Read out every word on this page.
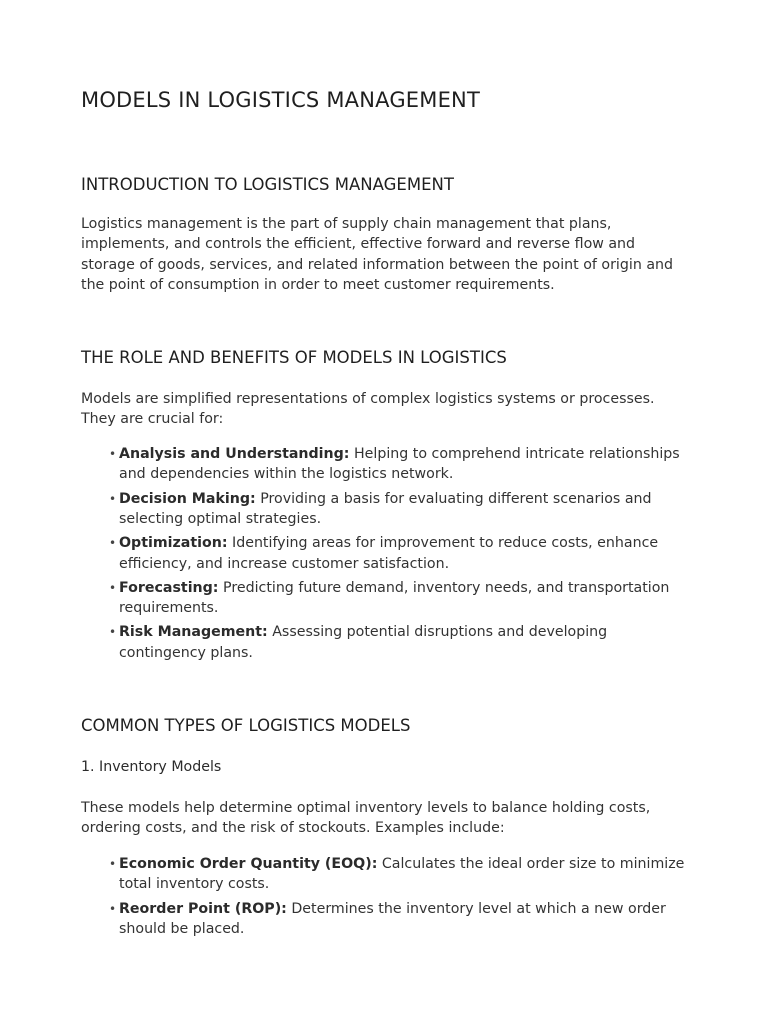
MODELS IN LOGISTICS MANAGEMENT
INTRODUCTION TO LOGISTICS MANAGEMENT

Logistics management is the part of supply chain management that plans, implements, and controls the efficient, effective forward and reverse flow and storage of goods, services, and related information between the point of origin and the point of consumption in order to meet customer requirements.

THE ROLE AND BENEFITS OF MODELS IN LOGISTICS

Models are simplified representations of complex logistics systems or processes. They are crucial for:

• Analysis and Understanding: Helping to comprehend intricate relationships and dependencies within the logistics network.
• Decision Making: Providing a basis for evaluating different scenarios and selecting optimal strategies.
• Optimization: Identifying areas for improvement to reduce costs, enhance efficiency, and increase customer satisfaction.
• Forecasting: Predicting future demand, inventory needs, and transportation requirements.
• Risk Management: Assessing potential disruptions and developing contingency plans.
COMMON TYPES OF LOGISTICS MODELS
1. Inventory Models

These models help determine optimal inventory levels to balance holding costs, ordering costs, and the risk of stockouts. Examples include:

• Economic Order Quantity (EOQ): Calculates the ideal order size to minimize total inventory costs.
• Reorder Point (ROP): Determines the inventory level at which a new order should be placed.
